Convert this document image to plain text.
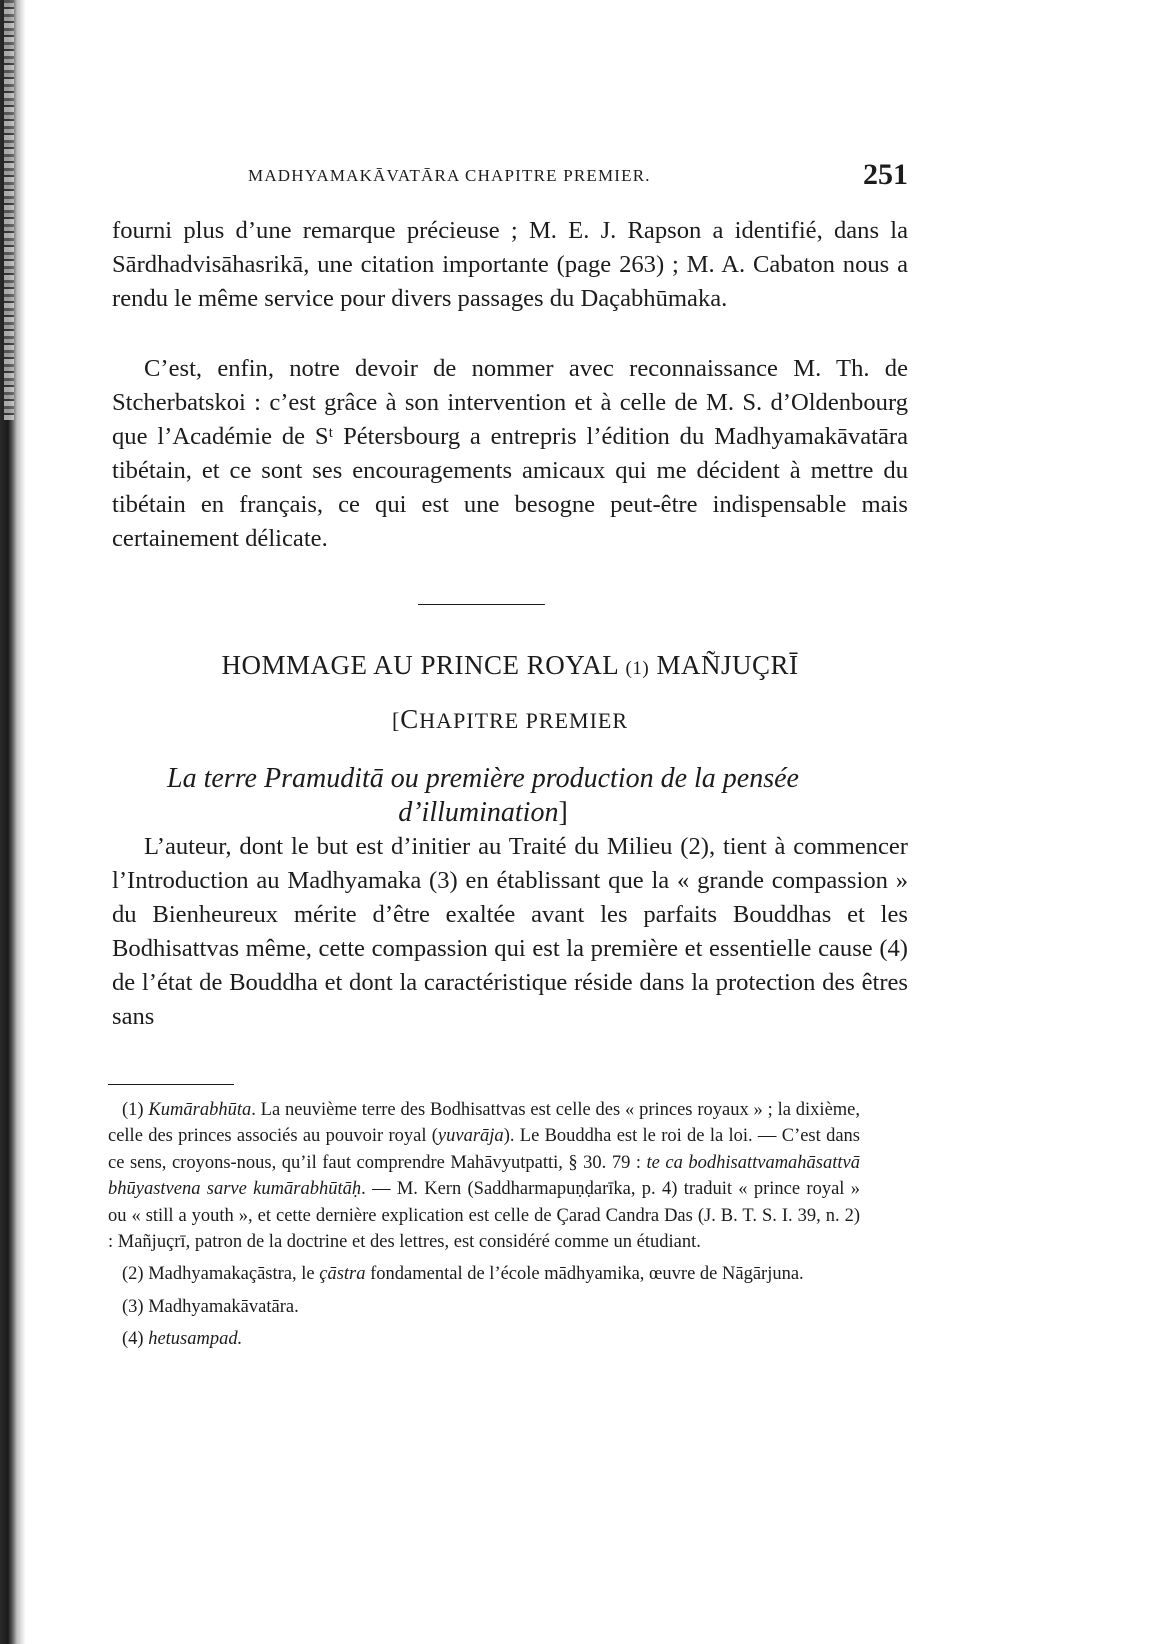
MADHYAMAKĀVATĀRA CHAPITRE PREMIER.	251

fourni plus d’une remarque précieuse ; M. E. J. Rapson a identifié, dans la Sārdhadvisāhasrikā, une citation importante (page 263) ; M. A. Cabaton nous a rendu le même service pour divers passages du Daçabhūmaka.

C’est, enfin, notre devoir de nommer avec reconnaissance M. Th. de Stcherbatskoi : c’est grâce à son intervention et à celle de M. S. d’Oldenbourg que l’Académie de Sᵗ Pétersbourg a entrepris l’édition du Madhyamakāvatāra tibétain, et ce sont ses encouragements amicaux qui me décident à mettre du tibétain en français, ce qui est une besogne peut-être indispensable mais certainement délicate.

HOMMAGE AU PRINCE ROYAL (1) MAÑJUÇRĪ
[CHAPITRE PREMIER
La terre Pramuditā ou première production de la pensée
d’illumination]

L’auteur, dont le but est d’initier au Traité du Milieu (2), tient à commencer l’Introduction au Madhyamaka (3) en établissant que la « grande compassion » du Bienheureux mérite d’être exaltée avant les parfaits Bouddhas et les Bodhisattvas même, cette compassion qui est la première et essentielle cause (4) de l’état de Bouddha et dont la caractéristique réside dans la protection des êtres sans

(1) Kumārabhūta. La neuvième terre des Bodhisattvas est celle des « princes royaux » ; la dixième, celle des princes associés au pouvoir royal (yuvarāja). Le Bouddha est le roi de la loi. — C’est dans ce sens, croyons-nous, qu’il faut comprendre Mahāvyutpatti, § 30. 79 : te ca bodhisattvamahāsattvā bhūyastvena sarve kumārabhūtāḥ. — M. Kern (Saddharmapuṇḍarīka, p. 4) traduit « prince royal » ou « still a youth », et cette dernière explication est celle de Çarad Candra Das (J. B. T. S. I. 39, n. 2) : Mañjuçrī, patron de la doctrine et des lettres, est considéré comme un étudiant.

(2) Madhyamakaçāstra, le çāstra fondamental de l’école mādhyamika, œuvre de Nāgārjuna.

(3) Madhyamakāvatāra.

(4) hetusampad.
